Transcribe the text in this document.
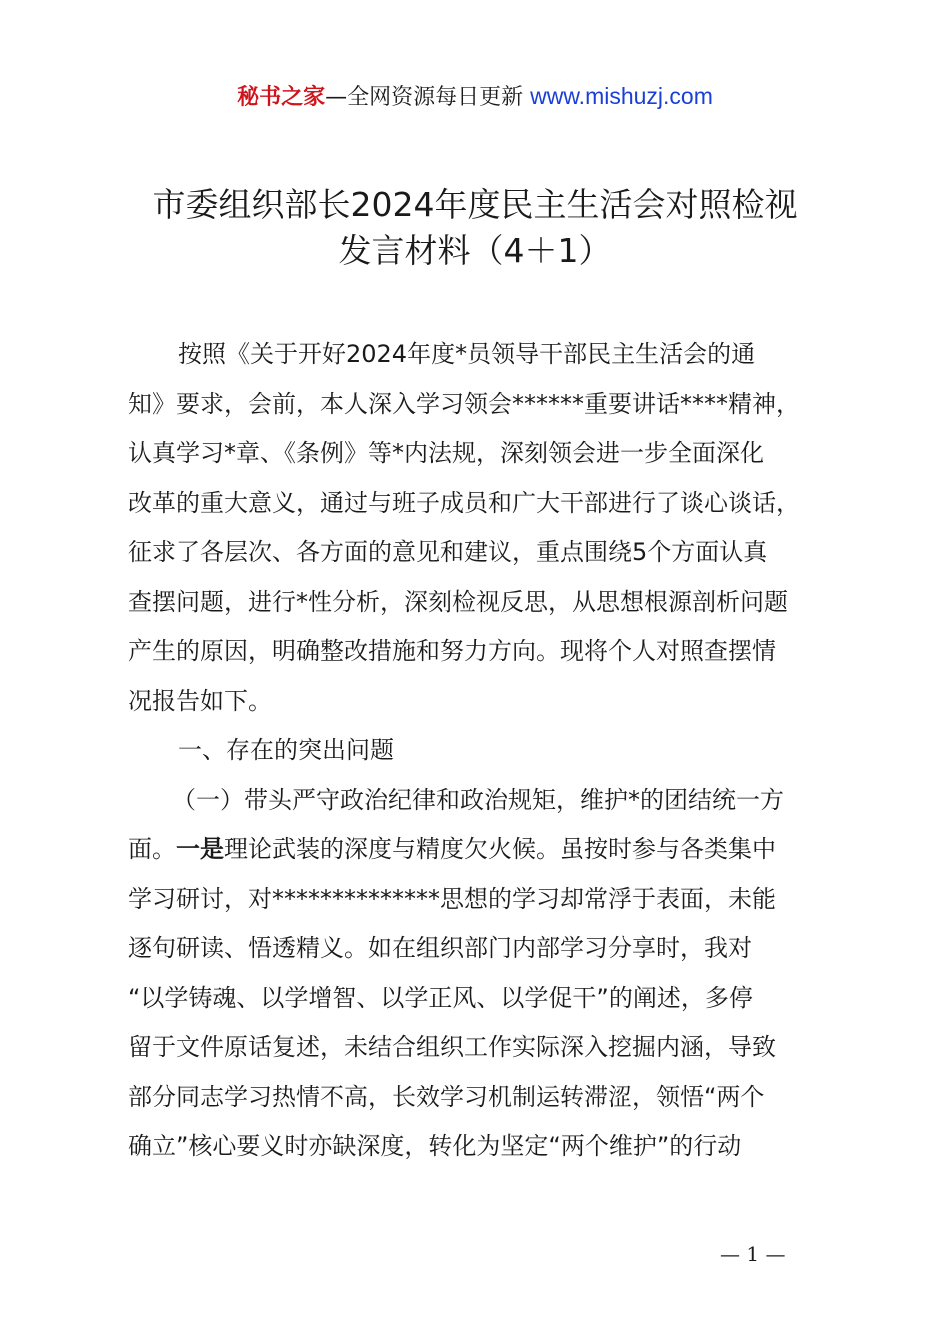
秘书之家—全网资源每日更新 www.mishuzj.com
市委组织部长2024年度民主生活会对照检视
发言材料（4＋1）
按照《关于开好2024年度*员领导干部民主生活会的通
知》要求，会前，本人深入学习领会******重要讲话****精神，
认真学习*章、《条例》等*内法规，深刻领会进一步全面深化
改革的重大意义，通过与班子成员和广大干部进行了谈心谈话，
征求了各层次、各方面的意见和建议，重点围绕5个方面认真
查摆问题，进行*性分析，深刻检视反思，从思想根源剖析问题
产生的原因，明确整改措施和努力方向。现将个人对照查摆情
况报告如下。
一、存在的突出问题
（一）带头严守政治纪律和政治规矩，维护*的团结统一方
面。一是理论武装的深度与精度欠火候。虽按时参与各类集中
学习研讨，对**************思想的学习却常浮于表面，未能
逐句研读、悟透精义。如在组织部门内部学习分享时，我对
“以学铸魂、以学增智、以学正风、以学促干”的阐述，多停
留于文件原话复述，未结合组织工作实际深入挖掘内涵，导致
部分同志学习热情不高，长效学习机制运转滞涩，领悟“两个
确立”核心要义时亦缺深度，转化为坚定“两个维护”的行动
— 1 —
